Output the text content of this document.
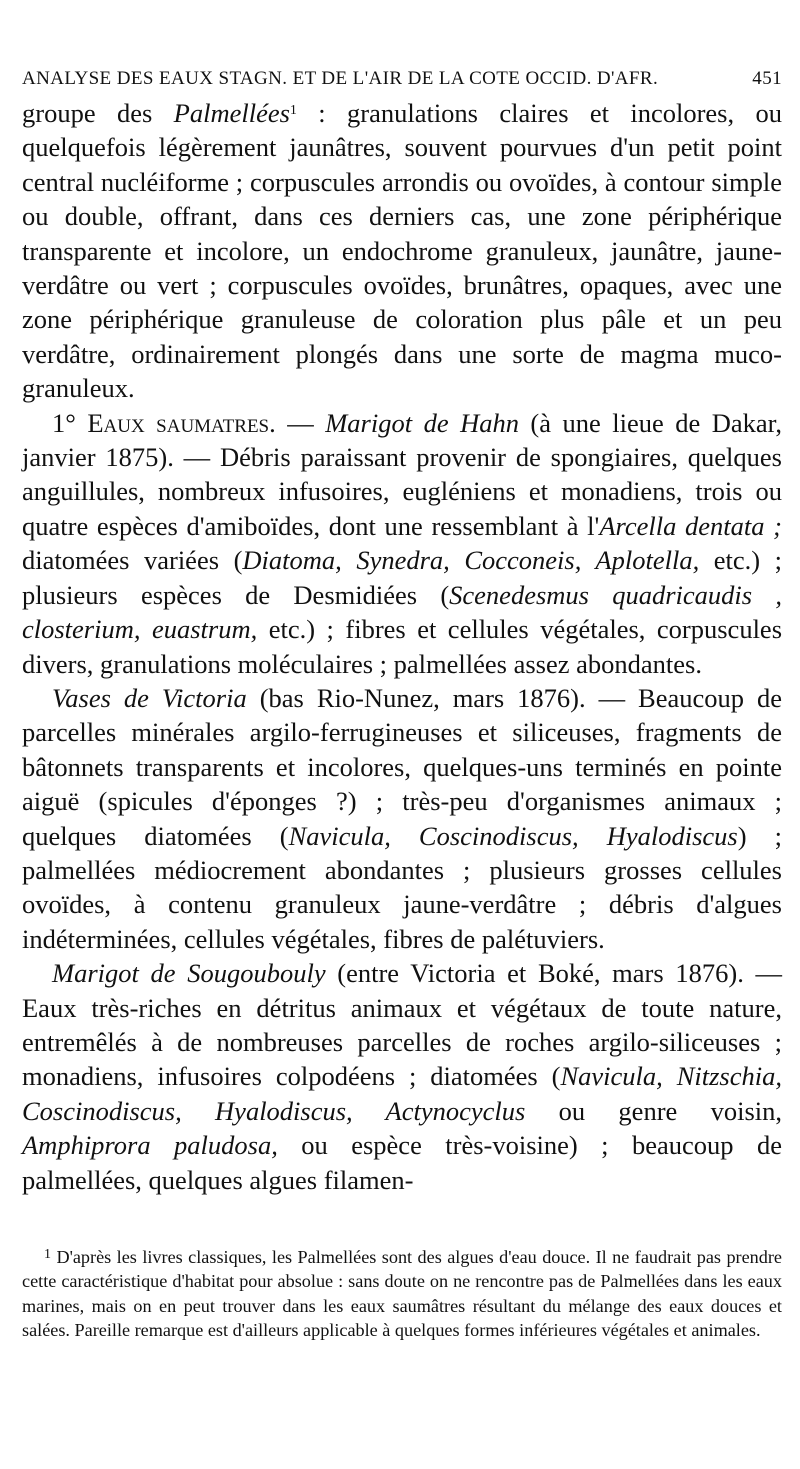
ANALYSE DES EAUX STAGN. ET DE L'AIR DE LA COTE OCCID. D'AFR.	451

groupe des Palmellées$^1$ : granulations claires et incolores, ou quelquefois légèrement jaunâtres, souvent pourvues d'un petit point central nucléiforme ; corpuscules arrondis ou ovoïdes, à contour simple ou double, offrant, dans ces derniers cas, une zone périphérique transparente et incolore, un endochrome granuleux, jaunâtre, jaune-verdâtre ou vert ; corpuscules ovoïdes, brunâtres, opaques, avec une zone périphérique granuleuse de coloration plus pâle et un peu verdâtre, ordinairement plongés dans une sorte de magma muco-granuleux.

1° Eaux saumatres. — Marigot de Hahn (à une lieue de Dakar, janvier 1875). — Débris paraissant provenir de spongiaires, quelques anguillules, nombreux infusoires, eugléniens et monadiens, trois ou quatre espèces d'amiboïdes, dont une ressemblant à l'Arcella dentata ; diatomées variées (Diatoma, Synedra, Cocconeis, Aplotella, etc.) ; plusieurs espèces de Desmidiées (Scenedesmus quadricaudis , closterium, euastrum, etc.) ; fibres et cellules végétales, corpuscules divers, granulations moléculaires ; palmellées assez abondantes.

Vases de Victoria (bas Rio-Nunez, mars 1876). — Beaucoup de parcelles minérales argilo-ferrugineuses et siliceuses, fragments de bâtonnets transparents et incolores, quelques-uns terminés en pointe aiguë (spicules d'éponges ?) ; très-peu d'organismes animaux ; quelques diatomées (Navicula, Coscinodiscus, Hyalodiscus) ; palmellées médiocrement abondantes ; plusieurs grosses cellules ovoïdes, à contenu granuleux jaune-verdâtre ; débris d'algues indéterminées, cellules végétales, fibres de palétuviers.

Marigot de Sougoubouly (entre Victoria et Boké, mars 1876). — Eaux très-riches en détritus animaux et végétaux de toute nature, entremêlés à de nombreuses parcelles de roches argilo-siliceuses ; monadiens, infusoires colpodéens ; diatomées (Navicula, Nitzschia, Coscinodiscus, Hyalodiscus, Actynocyclus ou genre voisin, Amphiprora paludosa, ou espèce très-voisine) ; beaucoup de palmellées, quelques algues filamen-

$^1$ D'après les livres classiques, les Palmellées sont des algues d'eau douce. Il ne faudrait pas prendre cette caractéristique d'habitat pour absolue : sans doute on ne rencontre pas de Palmellées dans les eaux marines, mais on en peut trouver dans les eaux saumâtres résultant du mélange des eaux douces et salées. Pareille remarque est d'ailleurs applicable à quelques formes inférieures végétales et animales.
